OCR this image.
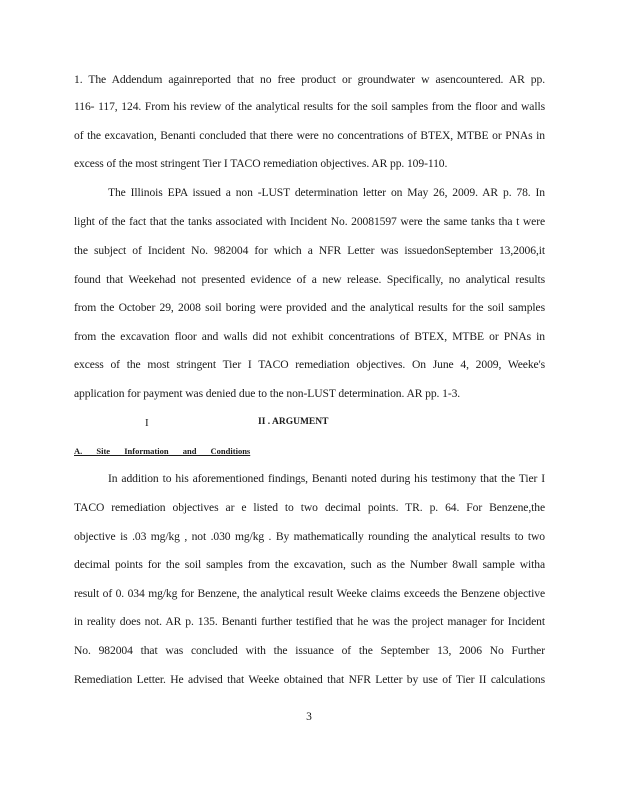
1. The Addendum againreported that no free product or groundwater w asencountered. AR pp.
116- 117, 124. From his review of the analytical results for the soil samples from the floor and walls
of the excavation, Benanti concluded that there were no concentrations of BTEX, MTBE or PNAs in
excess of the most stringent Tier I TACO remediation objectives. AR pp. 109-110.
The Illinois EPA issued a non -LUST determination letter on May 26, 2009. AR p. 78. In
light of the fact that the tanks associated with Incident No. 20081597 were the same tanks tha t were
the subject of Incident No. 982004 for which a NFR Letter was issuedonSeptember 13,2006,it
found that Weekehad not presented evidence of a new release. Specifically, no analytical results
from the October 29, 2008 soil boring were provided and the analytical results for the soil samples
from the excavation floor and walls did not exhibit concentrations of BTEX, MTBE or PNAs in
excess of the most stringent Tier I TACO remediation objectives. On June 4, 2009, Weeke's
application for payment was denied due to the non-LUST determination. AR pp. 1-3.
I	II . ARGUMENT
A. Site Information and Conditions
In addition to his aforementioned findings, Benanti noted during his testimony that the Tier I
TACO remediation objectives ar e listed to two decimal points. TR. p. 64. For Benzene,the
objective is .03 mg/kg , not .030 mg/kg . By mathematically rounding the analytical results to two
decimal points for the soil samples from the excavation, such as the Number 8wall sample witha
result of 0. 034 mg/kg for Benzene, the analytical result Weeke claims exceeds the Benzene objective
in reality does not. AR p. 135. Benanti further testified that he was the project manager for Incident
No. 982004 that was concluded with the issuance of the September 13, 2006 No Further
Remediation Letter. He advised that Weeke obtained that NFR Letter by use of Tier II calculations
3
